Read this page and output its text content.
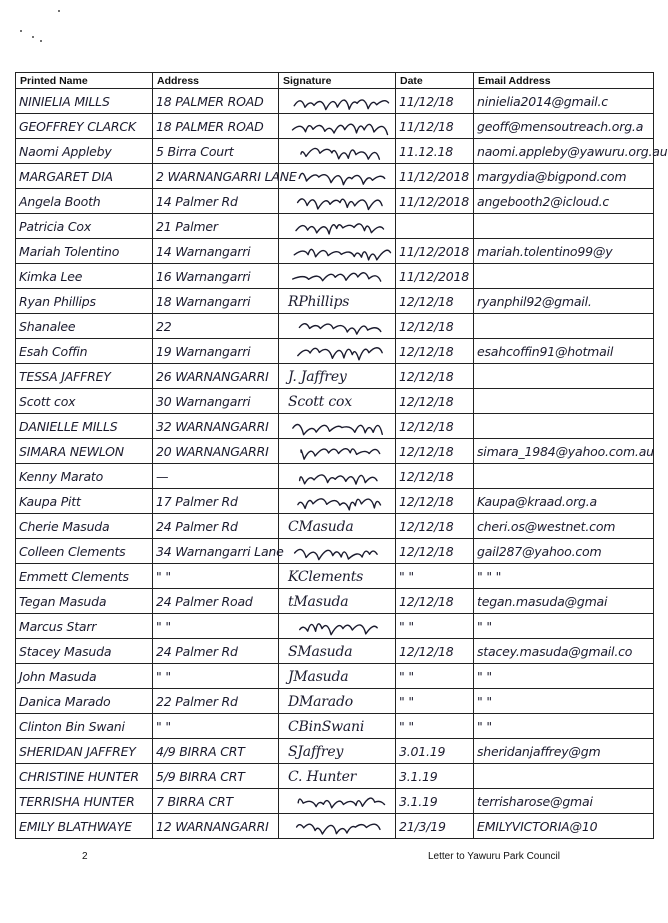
Printed Name	Address	Signature	Date	Email Address
NINIELIA MILLS	18 PALMER ROAD		11/12/18	ninielia2014@gmail.c
GEOFFREY CLARCK	18 PALMER ROAD		11/12/18	geoff@mensoutreach.org.a
Naomi Appleby	5 Birra Court		11.12.18	naomi.appleby@yawuru.org.au
MARGARET DIA	2 WARNANGARRI LANE		11/12/2018	margydia@bigpond.com
Angela Booth	14 Palmer Rd		11/12/2018	angebooth2@icloud.c
Patricia Cox	21 Palmer	

Mariah Tolentino	14 Warnangarri		11/12/2018	mariah.tolentino99@y
Kimka Lee	16 Warnangarri		11/12/2018	
Ryan Phillips	18 Warnangarri	RPhillips	12/12/18	ryanphil92@gmail.
Shanalee	22		12/12/18	
Esah Coffin	19 Warnangarri		12/12/18	esahcoffin91@hotmail
TESSA JAFFREY	26 WARNANGARRI	J. Jaffrey	12/12/18	
Scott cox	30 Warnangarri	Scott cox	12/12/18	
DANIELLE MILLS	32 WARNANGARRI		12/12/18	
SIMARA NEWLON	20 WARNANGARRI		12/12/18	simara_1984@yahoo.com.au
Kenny Marato	—		12/12/18	
Kaupa Pitt	17 Palmer Rd		12/12/18	Kaupa@kraad.org.a
Cherie Masuda	24 Palmer Rd	CMasuda	12/12/18	cheri.os@westnet.com
Colleen Clements	34 Warnangarri Lane		12/12/18	gail287@yahoo.com
Emmett Clements	" "	KClements	" "	" " "
Tegan Masuda	24 Palmer Road	tMasuda	12/12/18	tegan.masuda@gmai
Marcus Starr	" "		" "	" "
Stacey Masuda	24 Palmer Rd	SMasuda	12/12/18	stacey.masuda@gmail.co
John Masuda	" "	JMasuda	" "	" "
Danica Marado	22 Palmer Rd	DMarado	" "	" "
Clinton Bin Swani	" "	CBinSwani	" "	" "
SHERIDAN JAFFREY	4/9 BIRRA CRT	SJaffrey	3.01.19	sheridanjaffrey@gm
CHRISTINE HUNTER	5/9 BIRRA CRT	C. Hunter	3.1.19	
TERRISHA HUNTER	7 BIRRA CRT		3.1.19	terrisharose@gmai
EMILY BLATHWAYE	12 WARNANGARRI		21/3/19	EMILYVICTORIA@10
2	Letter to Yawuru Park Council
